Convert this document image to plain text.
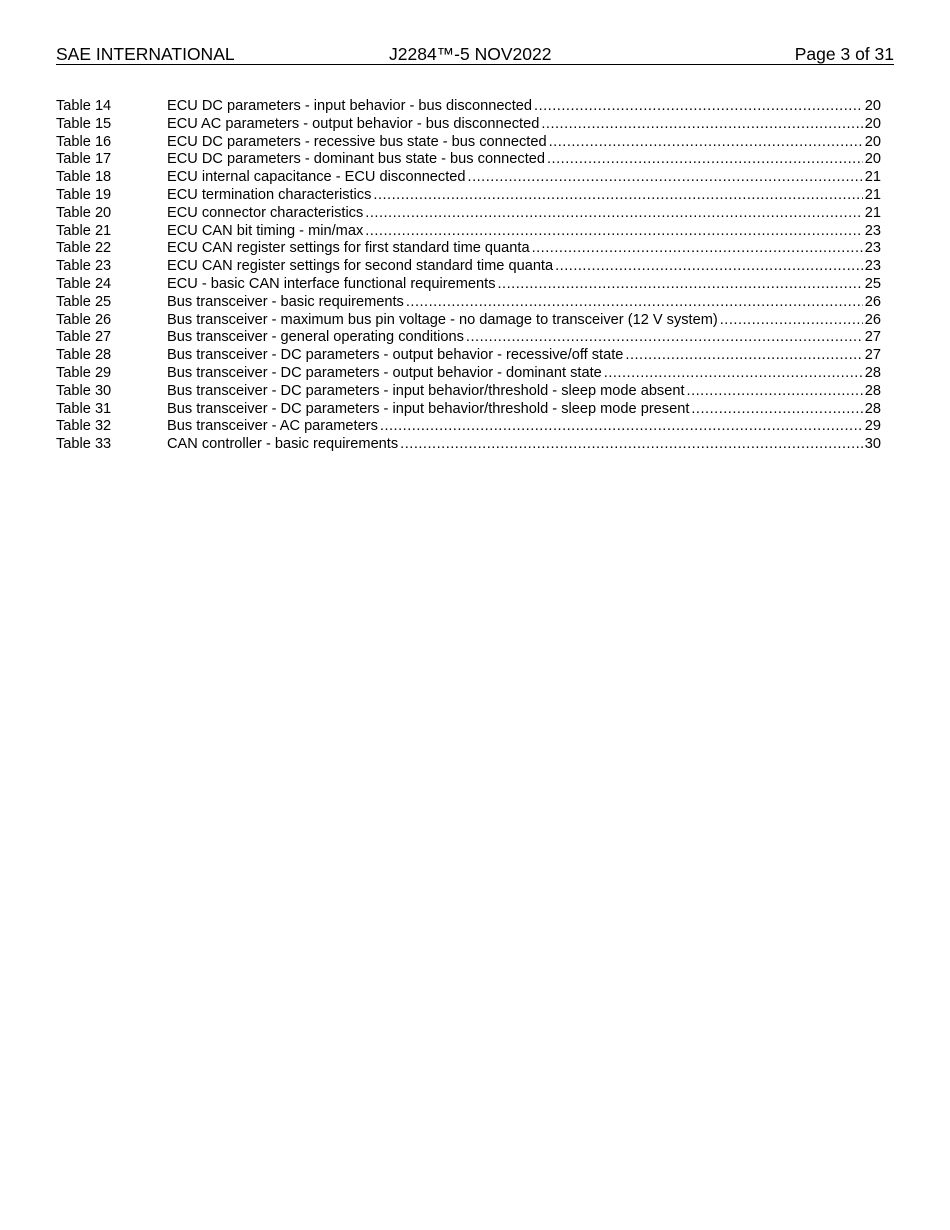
SAE INTERNATIONAL	J2284™-5 NOV2022	Page 3 of 31
Table 14	ECU DC parameters - input behavior - bus disconnected .....	20
Table 15	ECU AC parameters - output behavior - bus disconnected .....	20
Table 16	ECU DC parameters - recessive bus state - bus connected .....	20
Table 17	ECU DC parameters - dominant bus state - bus connected .....	20
Table 18	ECU internal capacitance - ECU disconnected .....	21
Table 19	ECU termination characteristics .....	21
Table 20	ECU connector characteristics .....	21
Table 21	ECU CAN bit timing - min/max .....	23
Table 22	ECU CAN register settings for first standard time quanta .....	23
Table 23	ECU CAN register settings for second standard time quanta .....	23
Table 24	ECU - basic CAN interface functional requirements .....	25
Table 25	Bus transceiver - basic requirements .....	26
Table 26	Bus transceiver - maximum bus pin voltage - no damage to transceiver (12 V system) .....	26
Table 27	Bus transceiver - general operating conditions .....	27
Table 28	Bus transceiver - DC parameters - output behavior - recessive/off state .....	27
Table 29	Bus transceiver - DC parameters - output behavior - dominant state .....	28
Table 30	Bus transceiver - DC parameters - input behavior/threshold - sleep mode absent .....	28
Table 31	Bus transceiver - DC parameters - input behavior/threshold - sleep mode present .....	28
Table 32	Bus transceiver - AC parameters .....	29
Table 33	CAN controller - basic requirements .....	30
